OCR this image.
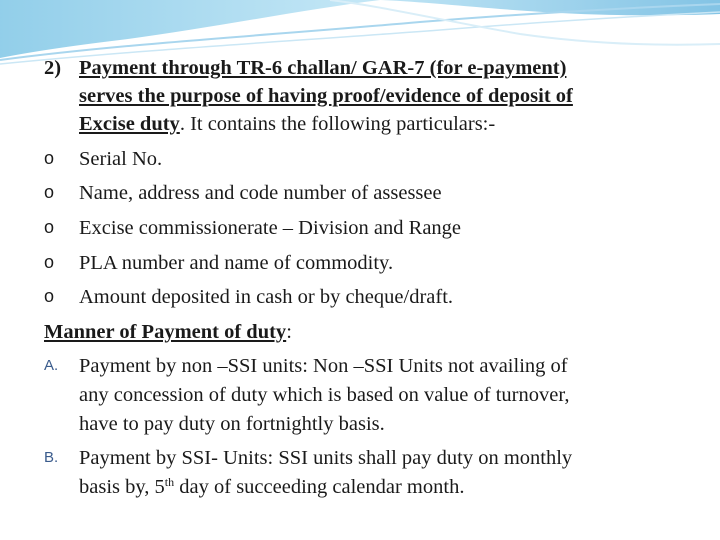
2) Payment through TR-6 challan/ GAR-7 (for e-payment)
serves the purpose of having proof/evidence of deposit of
Excise duty. It contains the following particulars:-
o Serial No.
o Name, address and code number of assessee
o Excise commissionerate – Division and Range
o PLA number and name of commodity.
o Amount deposited in cash or by cheque/draft.
Manner of Payment of duty:
A. Payment by non –SSI units: Non –SSI Units not availing of
any concession of duty which is based on value of turnover,
have to pay duty on fortnightly basis.
B. Payment by SSI- Units: SSI units shall pay duty on monthly
basis by, 5th day of succeeding calendar month.
